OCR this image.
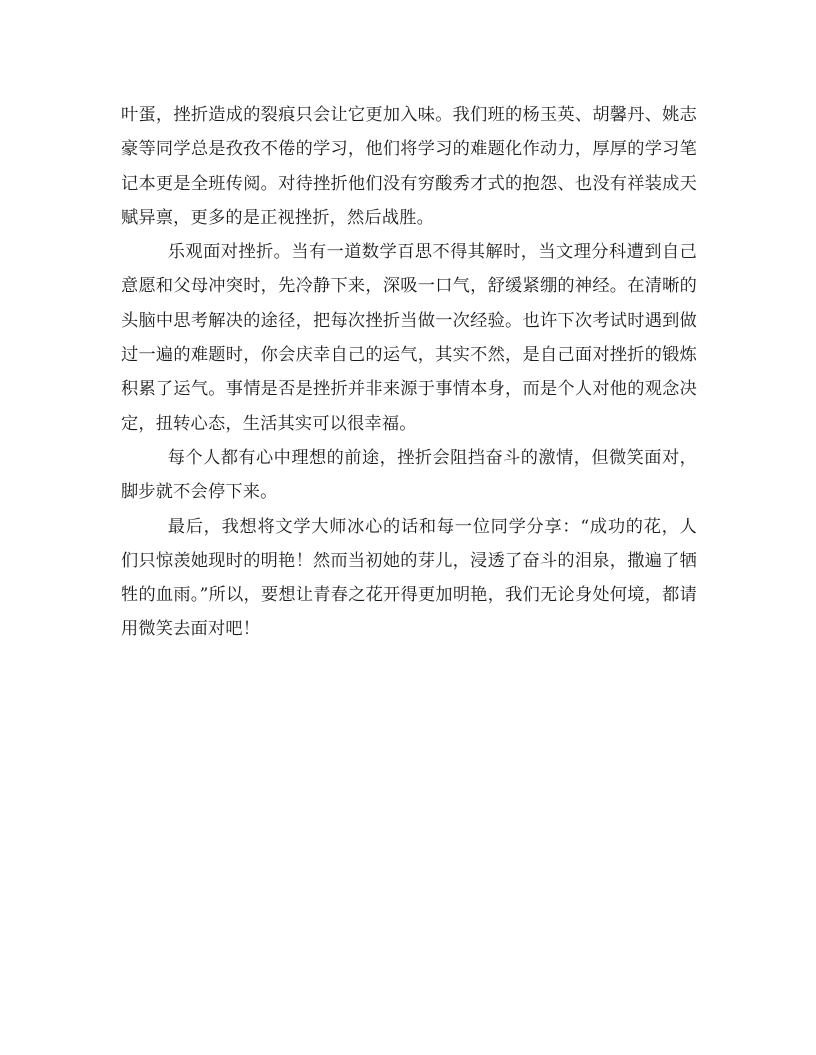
叶蛋，挫折造成的裂痕只会让它更加入味。我们班的杨玉英、胡馨丹、姚志豪等同学总是孜孜不倦的学习，他们将学习的难题化作动力，厚厚的学习笔记本更是全班传阅。对待挫折他们没有穷酸秀才式的抱怨、也没有祥装成天赋异禀，更多的是正视挫折，然后战胜。

乐观面对挫折。当有一道数学百思不得其解时，当文理分科遭到自己意愿和父母冲突时，先冷静下来，深吸一口气，舒缓紧绷的神经。在清晰的头脑中思考解决的途径，把每次挫折当做一次经验。也许下次考试时遇到做过一遍的难题时，你会庆幸自己的运气，其实不然，是自己面对挫折的锻炼积累了运气。事情是否是挫折并非来源于事情本身，而是个人对他的观念决定，扭转心态，生活其实可以很幸福。

每个人都有心中理想的前途，挫折会阻挡奋斗的激情，但微笑面对，脚步就不会停下来。

最后，我想将文学大师冰心的话和每一位同学分享：“成功的花，人们只惊羡她现时的明艳！然而当初她的芽儿，浸透了奋斗的泪泉，撒遍了牺牲的血雨。”所以，要想让青春之花开得更加明艳，我们无论身处何境，都请用微笑去面对吧！
